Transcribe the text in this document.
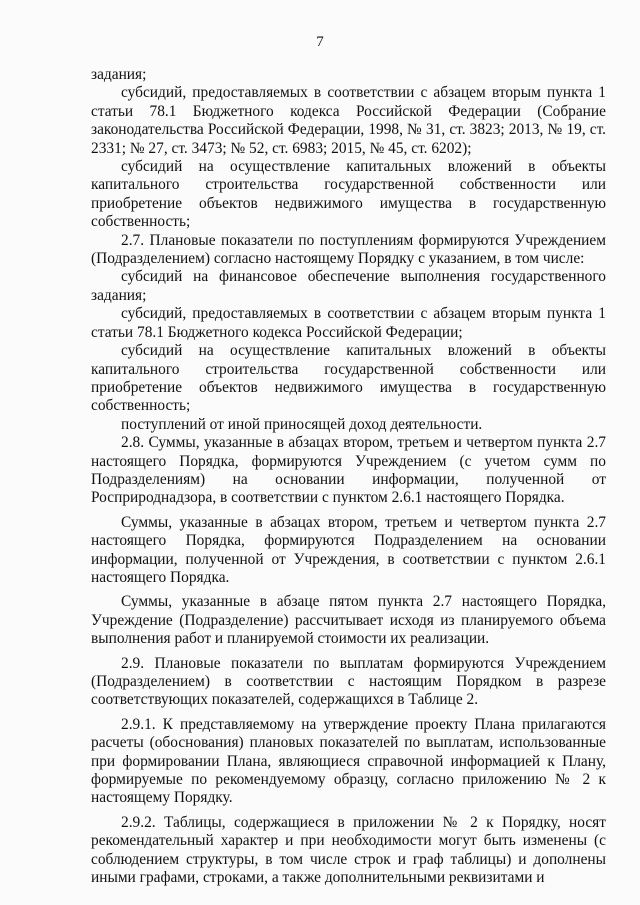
7

задания;

субсидий, предоставляемых в соответствии с абзацем вторым пункта 1 статьи 78.1 Бюджетного кодекса Российской Федерации (Собрание законодательства Российской Федерации, 1998, № 31, ст. 3823; 2013, № 19, ст. 2331; № 27, ст. 3473; № 52, ст. 6983; 2015, № 45, ст. 6202);

субсидий на осуществление капитальных вложений в объекты капитального строительства государственной собственности или приобретение объектов недвижимого имущества в государственную собственность;

2.7. Плановые показатели по поступлениям формируются Учреждением (Подразделением) согласно настоящему Порядку с указанием, в том числе:

субсидий на финансовое обеспечение выполнения государственного задания;

субсидий, предоставляемых в соответствии с абзацем вторым пункта 1 статьи 78.1 Бюджетного кодекса Российской Федерации;

субсидий на осуществление капитальных вложений в объекты капитального строительства государственной собственности или приобретение объектов недвижимого имущества в государственную собственность;

поступлений от иной приносящей доход деятельности.

2.8. Суммы, указанные в абзацах втором, третьем и четвертом пункта 2.7 настоящего Порядка, формируются Учреждением (с учетом сумм по Подразделениям) на основании информации, полученной от Росприроднадзора, в соответствии с пунктом 2.6.1 настоящего Порядка.

Суммы, указанные в абзацах втором, третьем и четвертом пункта 2.7 настоящего Порядка, формируются Подразделением на основании информации, полученной от Учреждения, в соответствии с пунктом 2.6.1 настоящего Порядка.

Суммы, указанные в абзаце пятом пункта 2.7 настоящего Порядка, Учреждение (Подразделение) рассчитывает исходя из планируемого объема выполнения работ и планируемой стоимости их реализации.

2.9. Плановые показатели по выплатам формируются Учреждением (Подразделением) в соответствии с настоящим Порядком в разрезе соответствующих показателей, содержащихся в Таблице 2.

2.9.1. К представляемому на утверждение проекту Плана прилагаются расчеты (обоснования) плановых показателей по выплатам, использованные при формировании Плана, являющиеся справочной информацией к Плану, формируемые по рекомендуемому образцу, согласно приложению № 2 к настоящему Порядку.

2.9.2. Таблицы, содержащиеся в приложении № 2 к Порядку, носят рекомендательный характер и при необходимости могут быть изменены (с соблюдением структуры, в том числе строк и граф таблицы) и дополнены иными графами, строками, а также дополнительными реквизитами и
